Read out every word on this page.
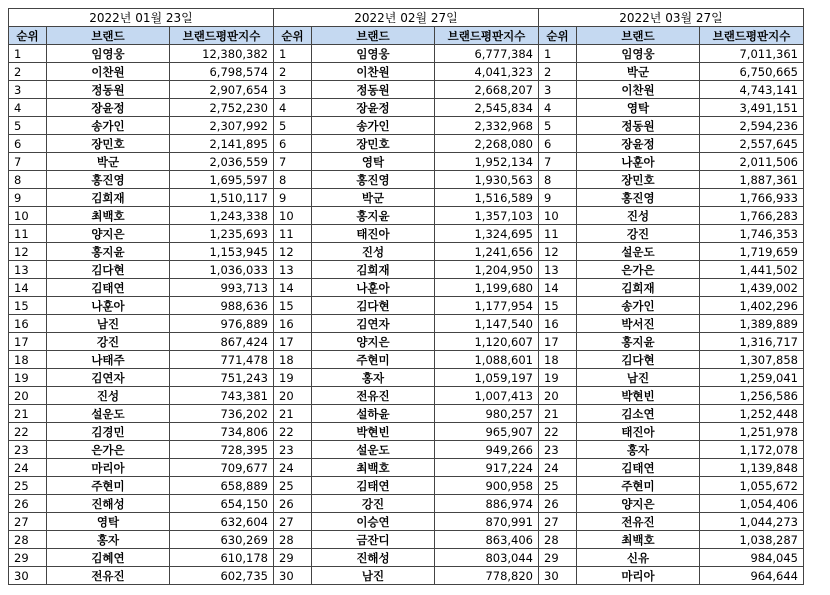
2022년 01월 23일		
순위	브랜드	브랜드평판지수
1	임영웅	12,380,382
2	이찬원	6,798,574
3	정동원	2,907,654
4	장윤정	2,752,230
5	송가인	2,307,992
6	장민호	2,141,895
7	박군	2,036,559
8	홍진영	1,695,597
9	김희재	1,510,117
10	최백호	1,243,338
11	양지은	1,235,693
12	홍지윤	1,153,945
13	김다현	1,036,033
14	김태연	993,713
15	나훈아	988,636
16	남진	976,889
17	강진	867,424
18	나태주	771,478
19	김연자	751,243
20	진성	743,381
21	설운도	736,202
22	김경민	734,806
23	은가은	728,395
24	마리아	709,677
25	주현미	658,889
26	진해성	654,150
27	영탁	632,604
28	홍자	630,269
29	김혜연	610,178
30	전유진	602,735
2022년 02월 27일		
순위	브랜드	브랜드평판지수
1	임영웅	6,777,384
2	이찬원	4,041,323
3	정동원	2,668,207
4	장윤정	2,545,834
5	송가인	2,332,968
6	장민호	2,268,080
7	영탁	1,952,134
8	홍진영	1,930,563
9	박군	1,516,589
10	홍지윤	1,357,103
11	태진아	1,324,695
12	진성	1,241,656
13	김희재	1,204,950
14	나훈아	1,199,680
15	김다현	1,177,954
16	김연자	1,147,540
17	양지은	1,120,607
18	주현미	1,088,601
19	홍자	1,059,197
20	전유진	1,007,413
21	설하윤	980,257
22	박현빈	965,907
23	설운도	949,266
24	최백호	917,224
25	김태연	900,958
26	강진	886,974
27	이승연	870,991
28	금잔디	863,406
29	진해성	803,044
30	남진	778,820
2022년 03월 27일		
순위	브랜드	브랜드평판지수
1	임영웅	7,011,361
2	박군	6,750,665
3	이찬원	4,743,141
4	영탁	3,491,151
5	정동원	2,594,236
6	장윤정	2,557,645
7	나훈아	2,011,506
8	장민호	1,887,361
9	홍진영	1,766,933
10	진성	1,766,283
11	강진	1,746,353
12	설운도	1,719,659
13	은가은	1,441,502
14	김희재	1,439,002
15	송가인	1,402,296
16	박서진	1,389,889
17	홍지윤	1,316,717
18	김다현	1,307,858
19	남진	1,259,041
20	박현빈	1,256,586
21	김소연	1,252,448
22	태진아	1,251,978
23	홍자	1,172,078
24	김태연	1,139,848
25	주현미	1,055,672
26	양지은	1,054,406
27	전유진	1,044,273
28	최백호	1,038,287
29	신유	984,045
30	마리아	964,644
